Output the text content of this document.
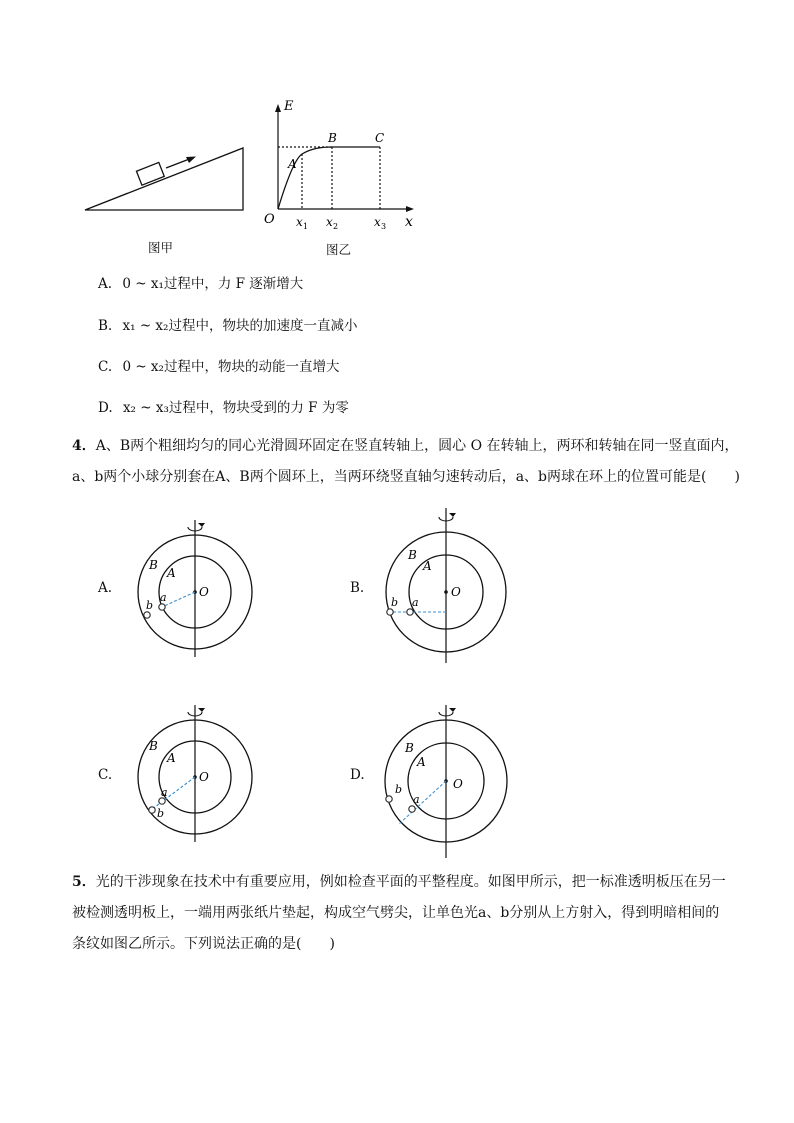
图甲
E
A
B	C
O	x
x 1 x 2	x 3
图乙
A. 0 ~ x₁过程中，力 F 逐渐增大
B. x₁ ~ x₂过程中，物块的加速度一直减小
C. 0 ~ x₂过程中，物块的动能一直增大
D. x₂ ~ x₃过程中，物块受到的力 F 为零
4．A、B两个粗细均匀的同心光滑圆环固定在竖直转轴上，圆心 O 在转轴上，两环和转轴在同一竖直面内，
a、b两个小球分别套在A、B两个圆环上，当两环绕竖直轴匀速转动后，a、b两球在环上的位置可能是(　　)
A.
B
A
O
a
b
B.
B
A
O
a
b
C.
B
A
O
a
b
D.
B
A
O
a
b
5．光的干涉现象在技术中有重要应用，例如检查平面的平整程度。如图甲所示，把一标准透明板压在另一
被检测透明板上，一端用两张纸片垫起，构成空气劈尖，让单色光a、b分别从上方射入，得到明暗相间的
条纹如图乙所示。下列说法正确的是(　　)
